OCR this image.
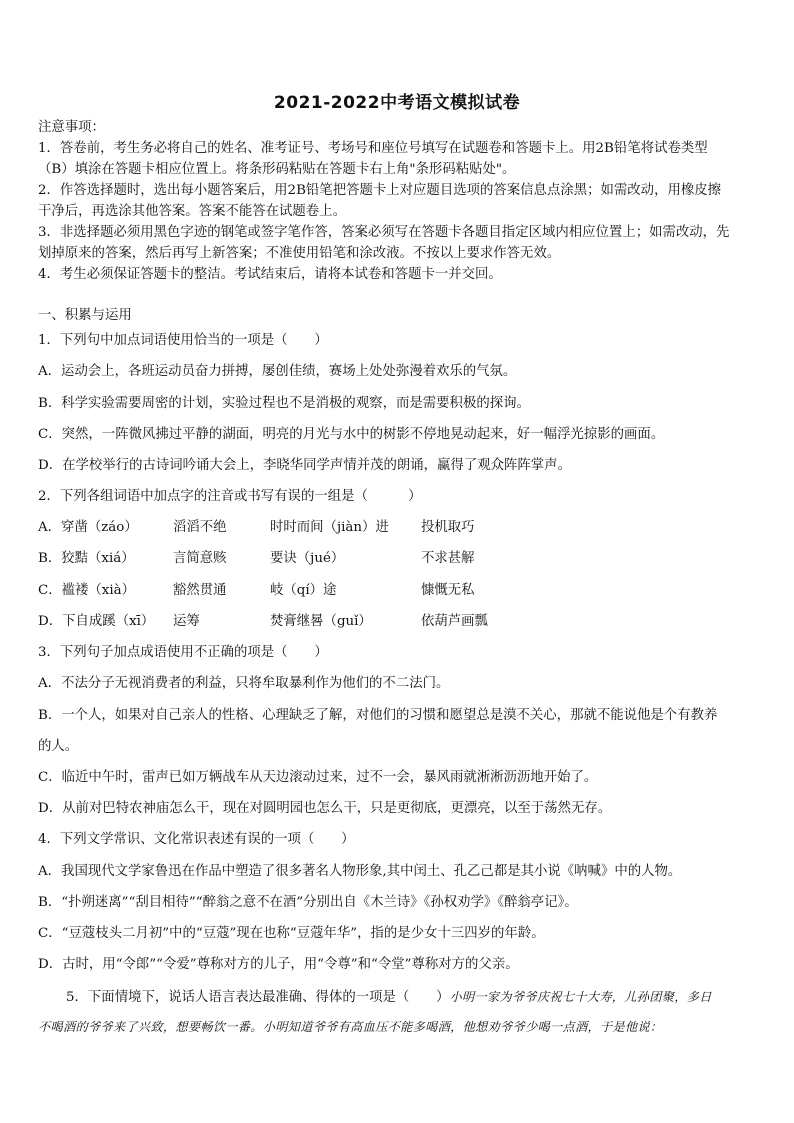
2021-2022中考语文模拟试卷
注意事项：
1．答卷前，考生务必将自己的姓名、准考证号、考场号和座位号填写在试题卷和答题卡上。用2B铅笔将试卷类型
（B）填涂在答题卡相应位置上。将条形码粘贴在答题卡右上角"条形码粘贴处"。
2．作答选择题时，选出每小题答案后，用2B铅笔把答题卡上对应题目选项的答案信息点涂黑；如需改动，用橡皮擦
干净后，再选涂其他答案。答案不能答在试题卷上。
3．非选择题必须用黑色字迹的钢笔或签字笔作答，答案必须写在答题卡各题目指定区域内相应位置上；如需改动，先
划掉原来的答案，然后再写上新答案；不准使用铅笔和涂改液。不按以上要求作答无效。
4．考生必须保证答题卡的整洁。考试结束后，请将本试卷和答题卡一并交回。
一、积累与运用
1．下列句中加点词语使用恰当的一项是（　　）
A．运动会上，各班运动员奋力拼搏，屡创佳绩，赛场上处处弥漫着欢乐的气氛。
B．科学实验需要周密的计划，实验过程也不是消极的观察，而是需要积极的探询。
C．突然，一阵微风拂过平静的湖面，明亮的月光与水中的树影不停地晃动起来，好一幅浮光掠影的画面。
D．在学校举行的古诗词吟诵大会上，李晓华同学声情并茂的朗诵，赢得了观众阵阵掌声。
2．下列各组词语中加点字的注音或书写有误的一组是（　　　）
A．穿凿（záo）	滔滔不绝	时时而间（jiàn）进 投机取巧
B．狡黠（xiá）	言简意赅	要诀（jué）	不求甚解
C．褴褛（xià）	豁然贯通	岐（qí）途	慷慨无私
D．下自成蹊（xī） 运筹	焚膏继晷（guǐ）	依葫芦画瓢
3．下列句子加点成语使用不正确的项是（　　）
A．不法分子无视消费者的利益，只将牟取暴利作为他们的不二法门。
B．一个人，如果对自己亲人的性格、心理缺乏了解，对他们的习惯和愿望总是漠不关心，那就不能说他是个有教养
的人。
C．临近中午时，雷声已如万辆战车从天边滚动过来，过不一会，暴风雨就淅淅沥沥地开始了。
D．从前对巴特农神庙怎么干，现在对圆明园也怎么干，只是更彻底，更漂亮，以至于荡然无存。
4．下列文学常识、文化常识表述有误的一项（　　）
A．我国现代文学家鲁迅在作品中塑造了很多著名人物形象,其中闰土、孔乙己都是其小说《呐喊》中的人物。
B．“扑朔迷离”“刮目相待”“醉翁之意不在酒”分别出自《木兰诗》《孙权劝学》《醉翁亭记》。
C．“豆蔻枝头二月初”中的“豆蔻”现在也称“豆蔻年华”，指的是少女十三四岁的年龄。
D．古时，用“令郎”“令爱”尊称对方的儿子，用“令尊”和“令堂”尊称对方的父亲。
5．下面情境下，说话人语言表达最准确、得体的一项是（　　）小明一家为爷爷庆祝七十大寿，儿孙团聚，多日
不喝酒的爷爷来了兴致，想要畅饮一番。小明知道爷爷有高血压不能多喝酒，他想劝爷爷少喝一点酒，于是他说：
